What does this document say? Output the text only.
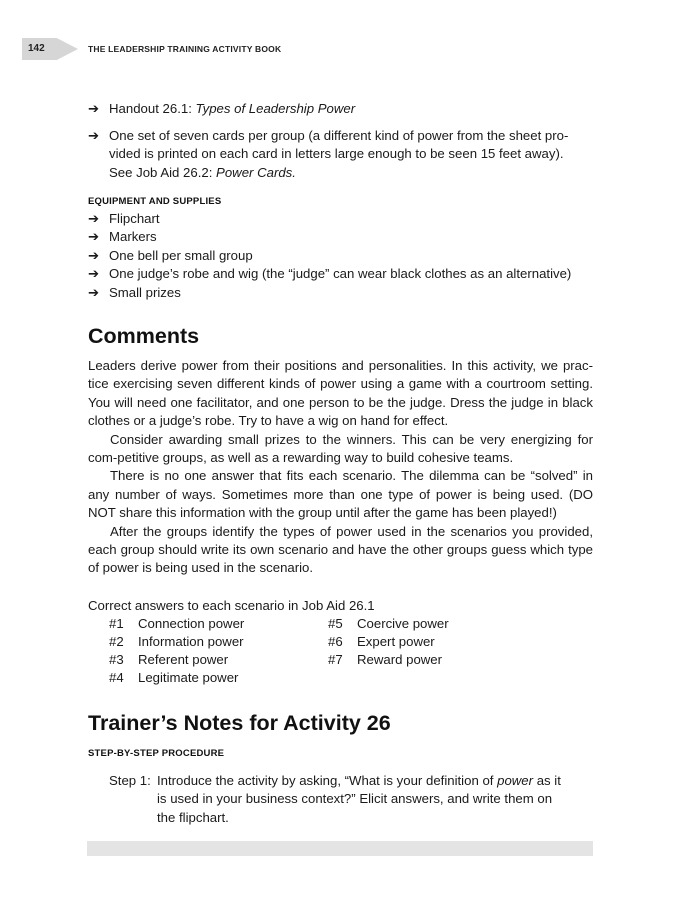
142	THE LEADERSHIP TRAINING ACTIVITY BOOK
➔ Handout 26.1: Types of Leadership Power
➔ One set of seven cards per group (a different kind of power from the sheet pro-
vided is printed on each card in letters large enough to be seen 15 feet away).
See Job Aid 26.2: Power Cards.
EQUIPMENT AND SUPPLIES
➔ Flipchart
➔ Markers
➔ One bell per small group
➔ One judge’s robe and wig (the “judge” can wear black clothes as an alternative)
➔ Small prizes
Comments
Leaders derive power from their positions and personalities. In this activity, we prac-tice exercising seven different kinds of power using a game with a courtroom setting. You will need one facilitator, and one person to be the judge. Dress the judge in black clothes or a judge’s robe. Try to have a wig on hand for effect.
Consider awarding small prizes to the winners. This can be very energizing for com-petitive groups, as well as a rewarding way to build cohesive teams.
There is no one answer that fits each scenario. The dilemma can be “solved” in any number of ways. Sometimes more than one type of power is being used. (DO NOT share this information with the group until after the game has been played!)
After the groups identify the types of power used in the scenarios you provided, each group should write its own scenario and have the other groups guess which type of power is being used in the scenario.
Correct answers to each scenario in Job Aid 26.1
#1 Connection power
#2 Information power
#3 Referent power
#4 Legitimate power
#5 Coercive power
#6 Expert power
#7 Reward power
Trainer’s Notes for Activity 26
STEP-BY-STEP PROCEDURE
Step 1: Introduce the activity by asking, “What is your definition of power as it
is used in your business context?” Elicit answers, and write them on
the flipchart.
